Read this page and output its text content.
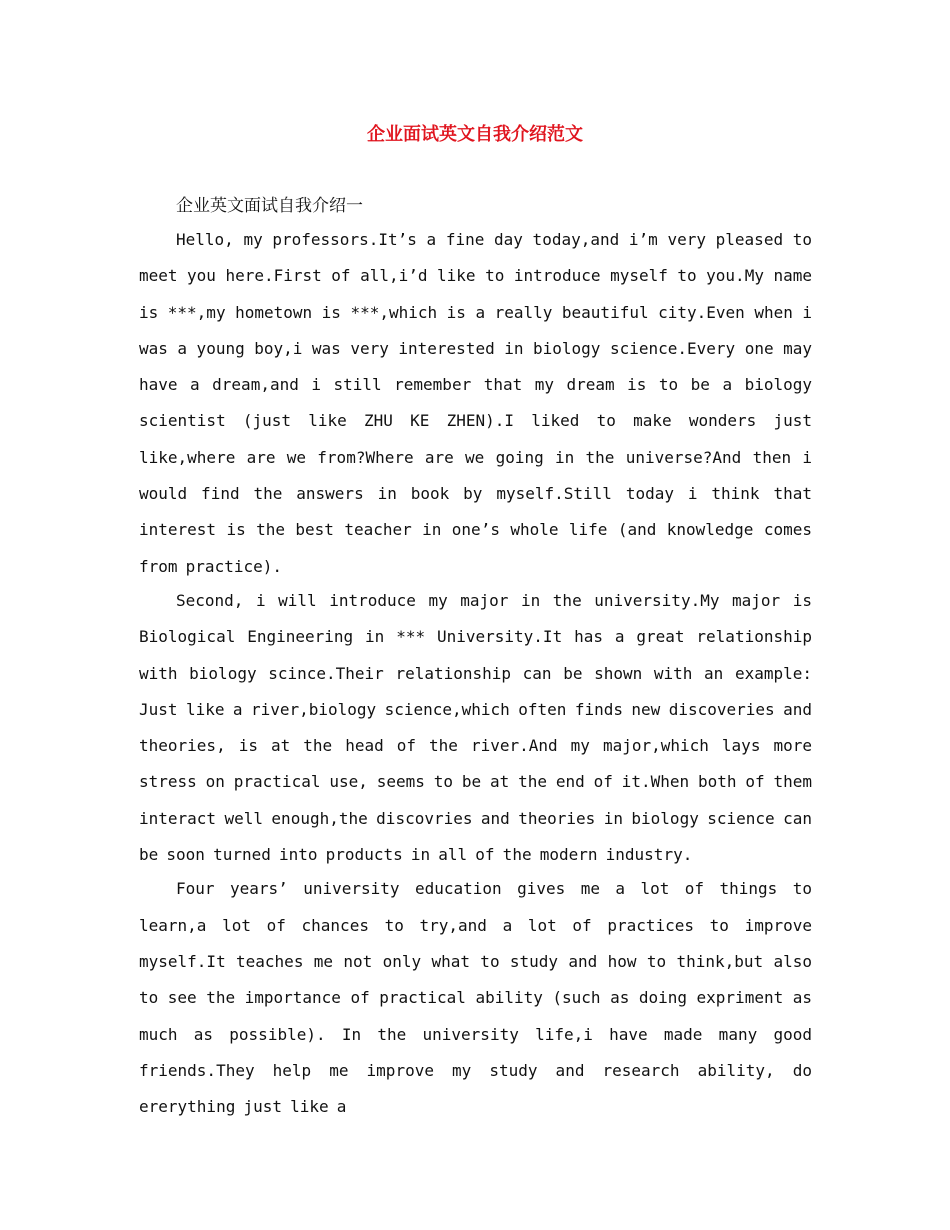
企业面试英文自我介绍范文

企业英文面试自我介绍一

Hello, my professors.It’s a fine day today,and i’m very pleased to meet you here.First of all,i’d like to introduce myself to you.My name is ***,my hometown is ***,which is a really beautiful city.Even when i was a young boy,i was very interested in biology science.Every one may have a dream,and i still remember that my dream is to be a biology scientist (just like ZHU KE ZHEN).I liked to make wonders just like,where are we from?Where are we going in the universe?And then i would find the answers in book by myself.Still today i think that interest is the best teacher in one’s whole life (and knowledge comes from practice).

Second, i will introduce my major in the university.My major is Biological Engineering in *** University.It has a great relationship with biology scince.Their relationship can be shown with an example: Just like a river,biology science,which often finds new discoveries and theories, is at the head of the river.And my major,which lays more stress on practical use, seems to be at the end of it.When both of them interact well enough,the discovries and theories in biology science can be soon turned into products in all of the modern industry.

Four years’ university education gives me a lot of things to learn,a lot of chances to try,and a lot of practices to improve myself.It teaches me not only what to study and how to think,but also to see the importance of practical ability (such as doing expriment as much as possible). In the university life,i have made many good friends.They help me improve my study and research ability, do ererything just like a
